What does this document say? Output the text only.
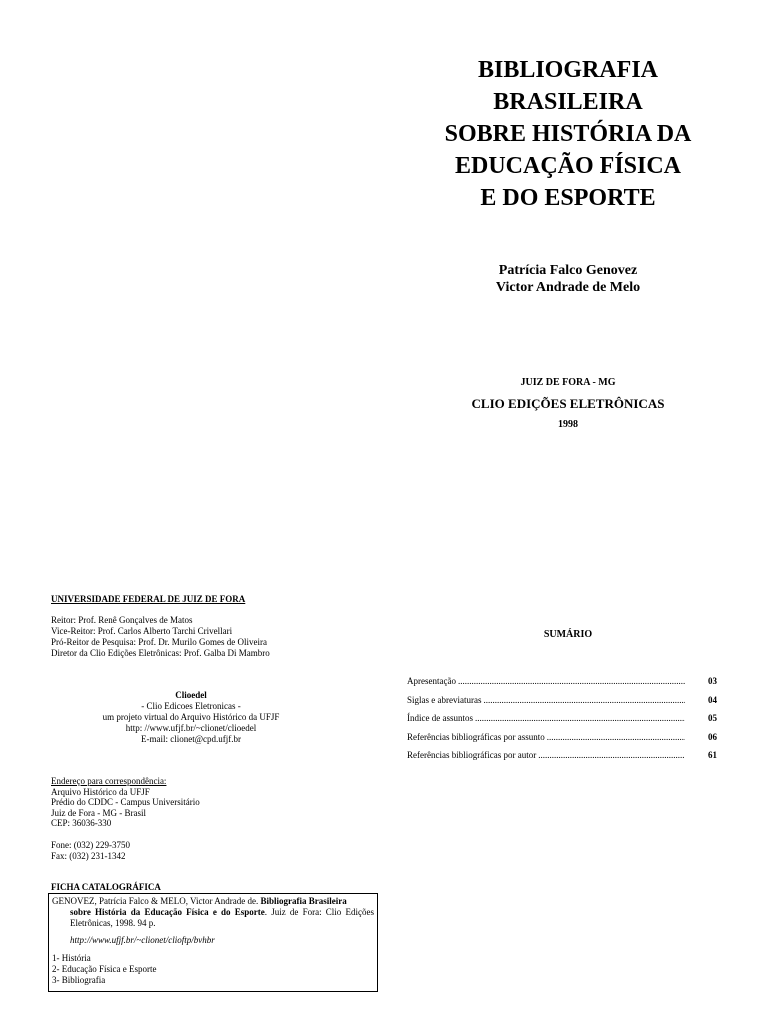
BIBLIOGRAFIA
BRASILEIRA
SOBRE HISTÓRIA DA
EDUCAÇÃO FÍSICA
E DO ESPORTE
Patrícia Falco Genovez
Victor Andrade de Melo
JUIZ DE FORA - MG
CLIO EDIÇÕES ELETRÔNICAS
1998
UNIVERSIDADE FEDERAL DE JUIZ DE FORA
Reitor: Prof. Renê Gonçalves de Matos
Vice-Reitor: Prof. Carlos Alberto Tarchi Crivellari
Pró-Reitor de Pesquisa: Prof. Dr. Murilo Gomes de Oliveira
Diretor da Clio Edições Eletrônicas: Prof. Galba Di Mambro
Clioedel
- Clio Edicoes Eletronicas -
um projeto virtual do Arquivo Histórico da UFJF
http: //www.ufjf.br/~clionet/clioedel
E-mail: clionet@cpd.ufjf.br
Endereço para correspondência:
Arquivo Histórico da UFJF
Prédio do CDDC - Campus Universitário
Juiz de Fora - MG - Brasil
CEP: 36036-330
Fone: (032) 229-3750
Fax: (032) 231-1342
FICHA CATALOGRÁFICA
GENOVEZ, Patrícia Falco & MELO, Victor Andrade de. Bibliografia Brasileira
sobre História da Educação Física e do Esporte. Juiz de Fora: Clio Edições Eletrônicas, 1998. 94 p.
http://www.ufjf.br/~clionet/clioftp/bvhbr
1- História
2- Educação Física e Esporte
3- Bibliografia
SUMÁRIO
Apresentação .....	03
Siglas e abreviaturas .....	04
Índice de assuntos .....	05
Referências bibliográficas por assunto .....	06
Referências bibliográficas por autor .....	61
